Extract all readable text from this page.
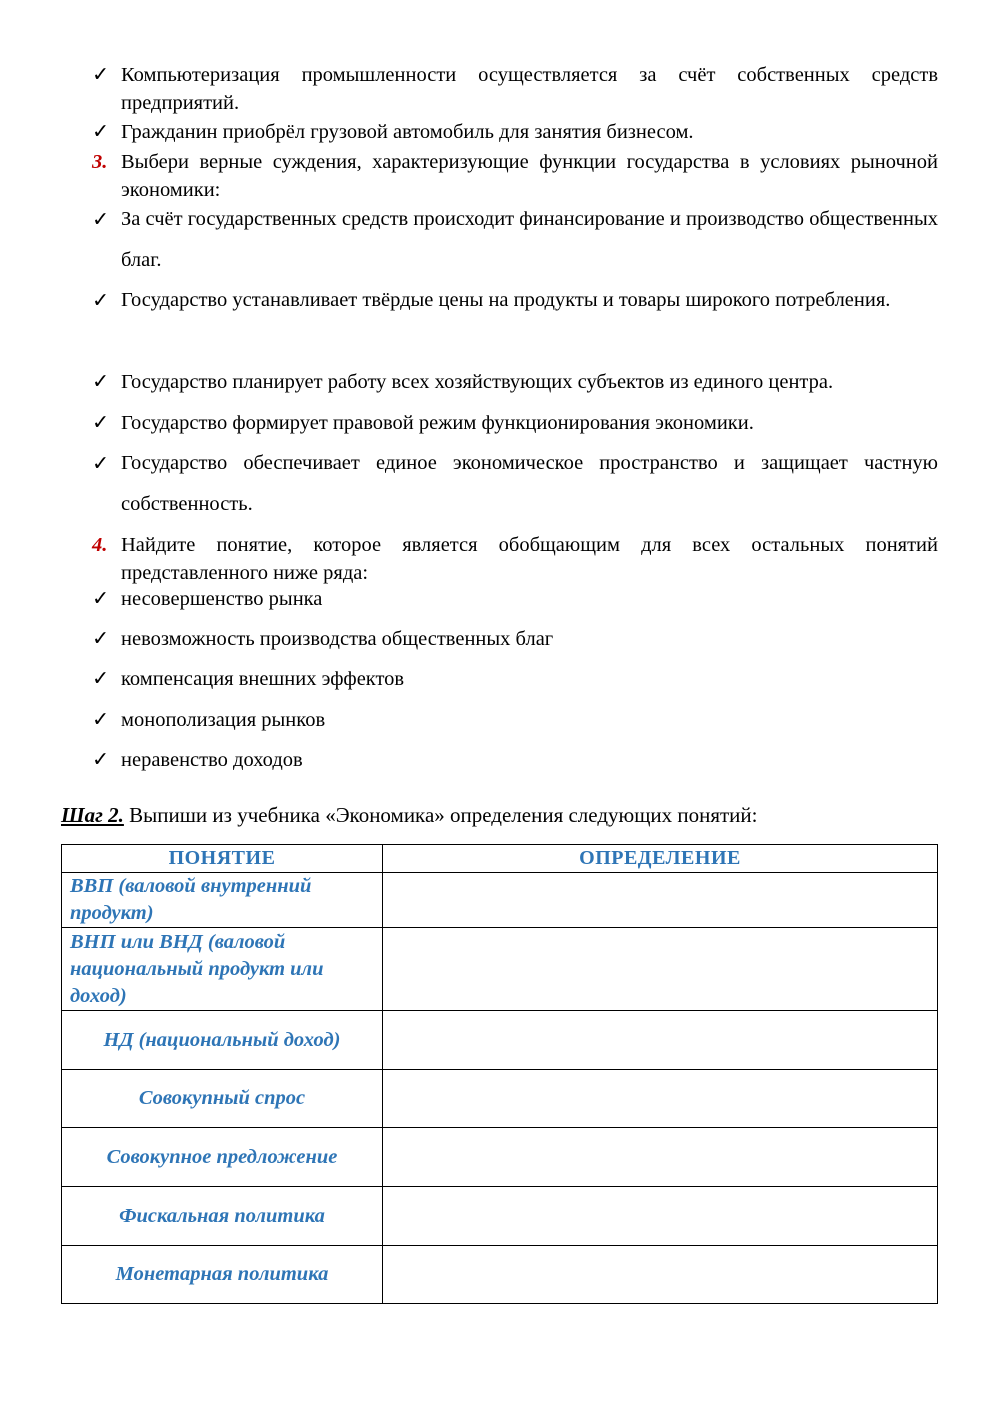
✓ Компьютеризация промышленности осуществляется за счёт собственных средств предприятий.
✓ Гражданин приобрёл грузовой автомобиль для занятия бизнесом.
3. Выбери верные суждения, характеризующие функции государства в условиях рыночной экономики:
✓ За счёт государственных средств происходит финансирование и производство общественных благ.
✓ Государство устанавливает твёрдые цены на продукты и товары широкого потребления.
✓ Государство планирует работу всех хозяйствующих субъектов из единого центра.
✓ Государство формирует правовой режим функционирования экономики.
✓ Государство обеспечивает единое экономическое пространство и защищает частную собственность.
4. Найдите понятие, которое является обобщающим для всех остальных понятий представленного ниже ряда:
✓ несовершенство рынка
✓ невозможность производства общественных благ
✓ компенсация внешних эффектов
✓ монополизация рынков
✓ неравенство доходов
Шаг 2. Выпиши из учебника «Экономика» определения следующих понятий:
ПОНЯТИЕ	ОПРЕДЕЛЕНИЕ
ВВП (валовой внутренний продукт)	
ВНП или ВНД (валовой национальный продукт или доход)	
НД (национальный доход)	
Совокупный спрос	
Совокупное предложение	
Фискальная политика	
Монетарная политика	
